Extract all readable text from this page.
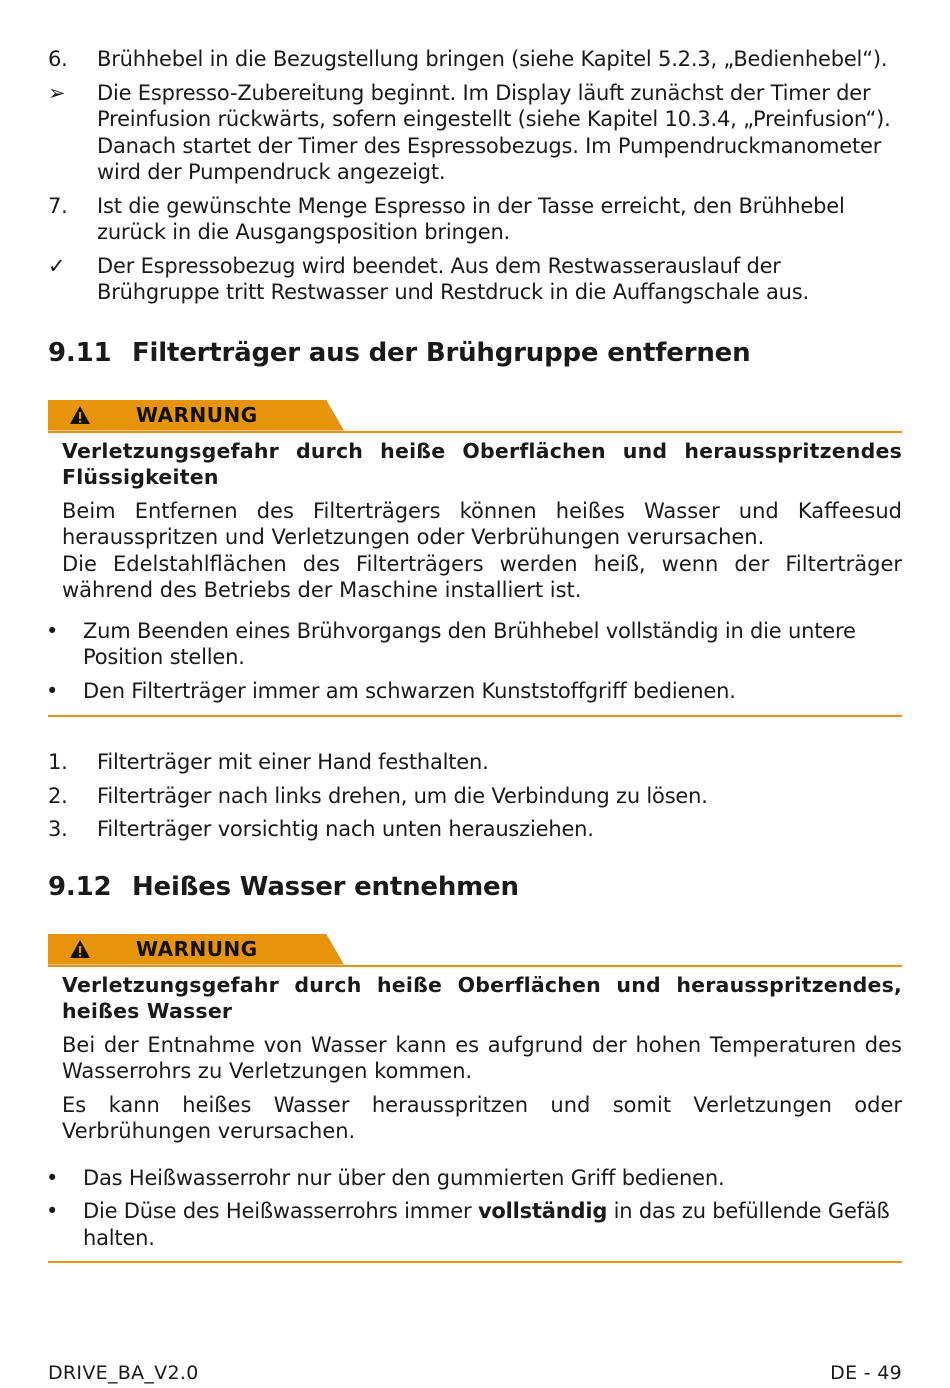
6.	Brühhebel in die Bezugstellung bringen (siehe Kapitel 5.2.3, „Bedienhebel“).
➢	Die Espresso-Zubereitung beginnt. Im Display läuft zunächst der Timer der Preinfusion rückwärts, sofern eingestellt (siehe Kapitel 10.3.4, „Preinfusion“). Danach startet der Timer des Espressobezugs. Im Pumpendruckmanometer wird der Pumpendruck angezeigt.
7.	Ist die gewünschte Menge Espresso in der Tasse erreicht, den Brühhebel zurück in die Ausgangsposition bringen.
✓	Der Espressobezug wird beendet. Aus dem Restwasserauslauf der Brühgruppe tritt Restwasser und Restdruck in die Auffangschale aus.
9.11 Filterträger aus der Brühgruppe entfernen
WARNUNG
Verletzungsgefahr durch heiße Oberflächen und herausspritzendes Flüssigkeiten
Beim Entfernen des Filterträgers können heißes Wasser und Kaffeesud herausspritzen und Verletzungen oder Verbrühungen verursachen.
Die Edelstahlflächen des Filterträgers werden heiß, wenn der Filterträger während des Betriebs der Maschine installiert ist.
•	Zum Beenden eines Brühvorgangs den Brühhebel vollständig in die untere Position stellen.
•	Den Filterträger immer am schwarzen Kunststoffgriff bedienen.
1.	Filterträger mit einer Hand festhalten.
2.	Filterträger nach links drehen, um die Verbindung zu lösen.
3.	Filterträger vorsichtig nach unten herausziehen.
9.12 Heißes Wasser entnehmen
WARNUNG
Verletzungsgefahr durch heiße Oberflächen und herausspritzendes, heißes Wasser
Bei der Entnahme von Wasser kann es aufgrund der hohen Temperaturen des Wasserrohrs zu Verletzungen kommen.
Es kann heißes Wasser herausspritzen und somit Verletzungen oder Verbrühungen verursachen.
•	Das Heißwasserrohr nur über den gummierten Griff bedienen.
•	Die Düse des Heißwasserrohrs immer vollständig in das zu befüllende Gefäß halten.
DRIVE_BA_V2.0	DE - 49
